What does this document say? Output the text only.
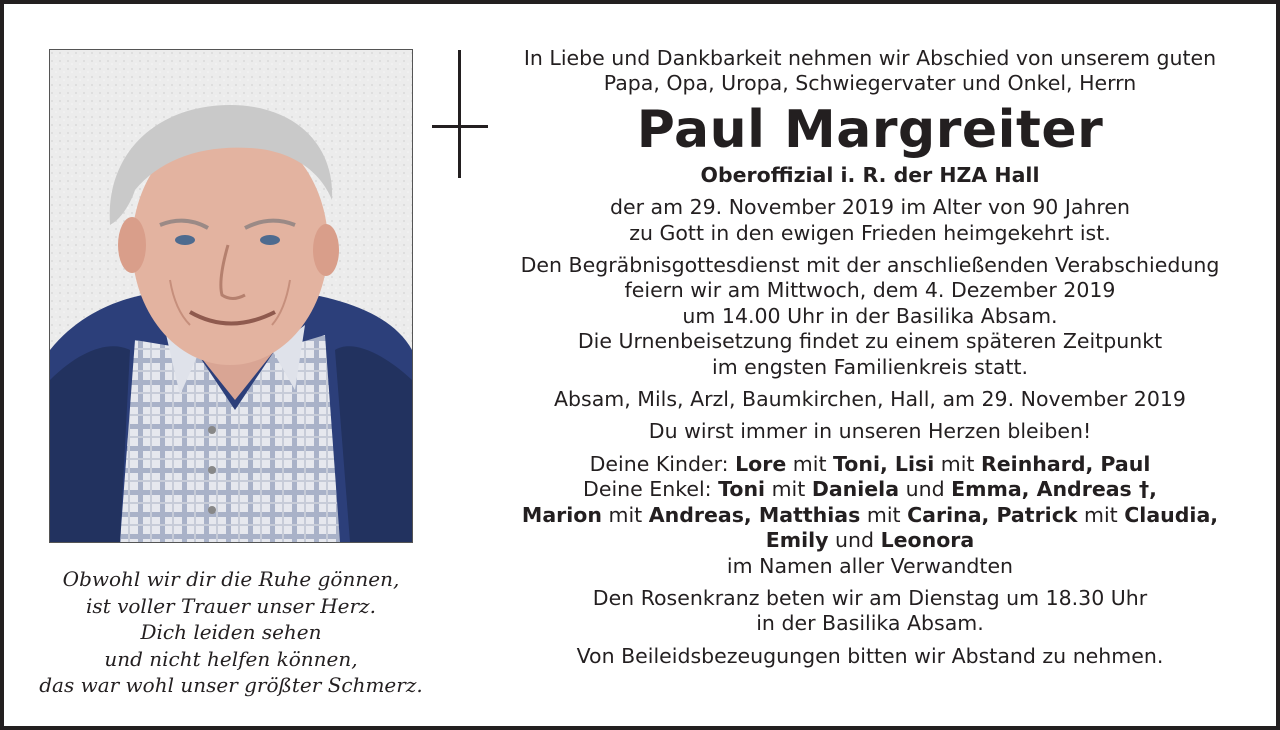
Obwohl wir dir die Ruhe gönnen,
ist voller Trauer unser Herz.
Dich leiden sehen
und nicht helfen können,
das war wohl unser größter Schmerz.
In Liebe und Dankbarkeit nehmen wir Abschied von unserem guten
Papa, Opa, Uropa, Schwiegervater und Onkel, Herrn
Paul Margreiter
Oberoffizial i. R. der HZA Hall
der am 29. November 2019 im Alter von 90 Jahren
zu Gott in den ewigen Frieden heimgekehrt ist.
Den Begräbnisgottesdienst mit der anschließenden Verabschiedung
feiern wir am Mittwoch, dem 4. Dezember 2019
um 14.00 Uhr in der Basilika Absam.
Die Urnenbeisetzung findet zu einem späteren Zeitpunkt
im engsten Familienkreis statt.
Absam, Mils, Arzl, Baumkirchen, Hall, am 29. November 2019
Du wirst immer in unseren Herzen bleiben!
Deine Kinder: Lore mit Toni, Lisi mit Reinhard, Paul
Deine Enkel: Toni mit Daniela und Emma, Andreas †,
Marion mit Andreas, Matthias mit Carina, Patrick mit Claudia,
Emily und Leonora
im Namen aller Verwandten
Den Rosenkranz beten wir am Dienstag um 18.30 Uhr
in der Basilika Absam.
Von Beileidsbezeugungen bitten wir Abstand zu nehmen.
